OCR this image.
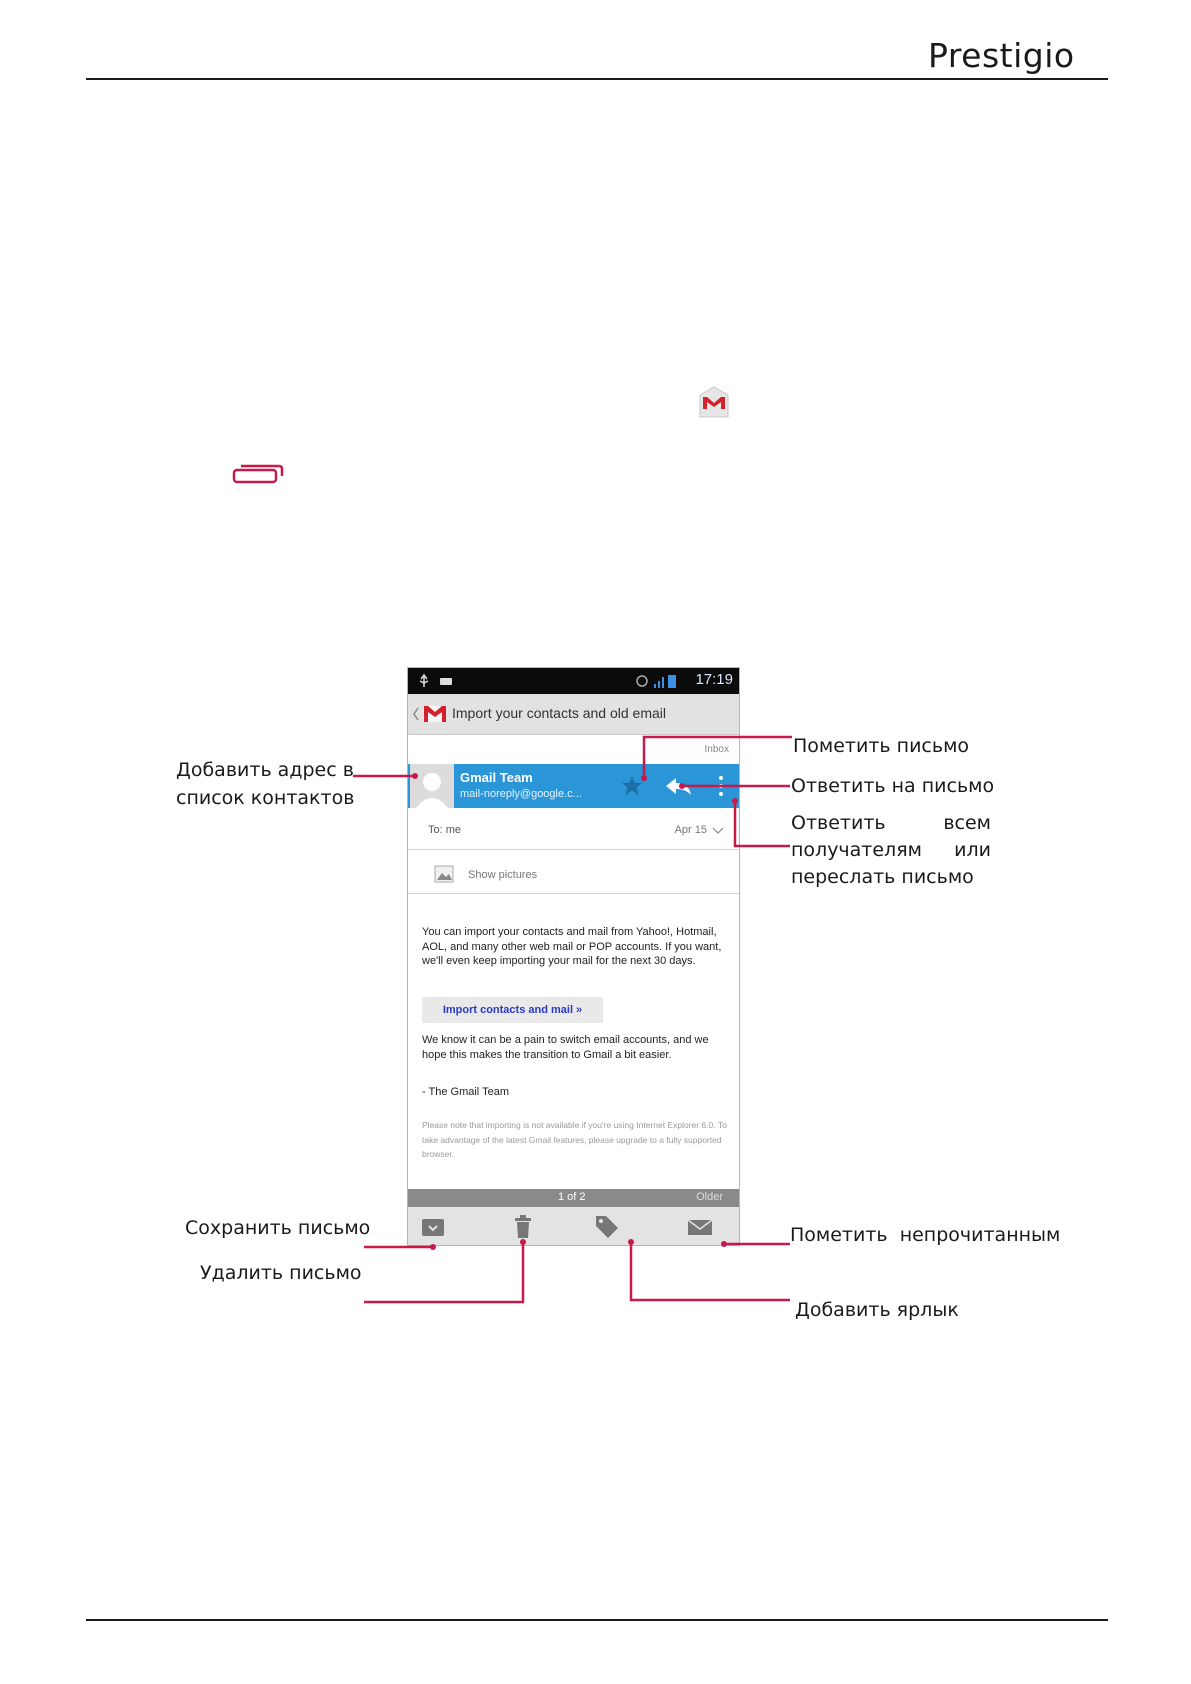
Prestigio
17:19
Import your contacts and old email
Inbox
Gmail Team
mail-noreply@google.c...
To: me	Apr 15
Show pictures
You can import your contacts and mail from Yahoo!, Hotmail, AOL, and many other web mail or POP accounts. If you want, we'll even keep importing your mail for the next 30 days.
Import contacts and mail »
We know it can be a pain to switch email accounts, and we hope this makes the transition to Gmail a bit easier.
- The Gmail Team
Please note that importing is not available if you're using Internet Explorer 6.0. To take advantage of the latest Gmail features, please upgrade to a fully supported browser.
1 of 2	Older
Добавить адрес в
список контактов
Пометить письмо
Ответить на письмо
Ответить	всем
получателям или
переслать письмо
Сохранить письмо
Удалить письмо
Пометить  непрочитанным
Добавить ярлык
